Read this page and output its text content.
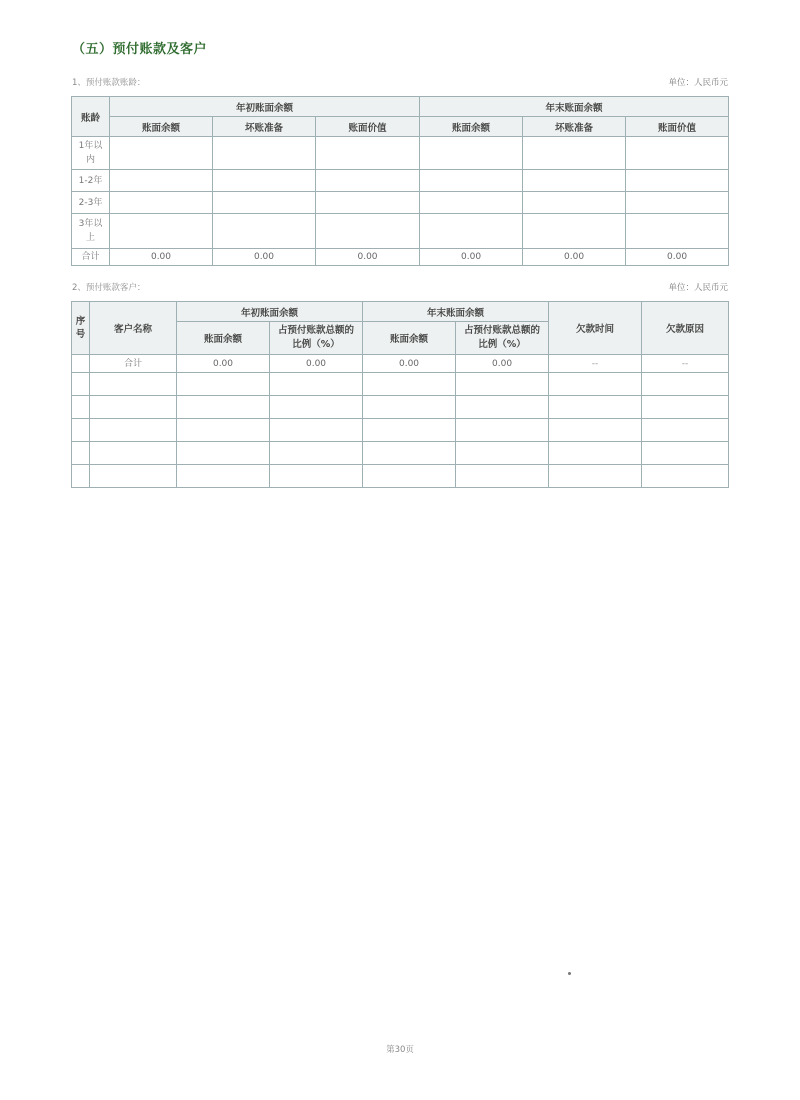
（五）预付账款及客户
1、预付账款账龄：	单位：人民币元
账龄	年初账面余额			年末账面余额		
	账面余额	坏账准备	账面价值	账面余额	坏账准备	账面价值
1年以内						
1-2年						
2-3年						
3年以上						
合计	0.00	0.00	0.00	0.00	0.00	0.00
2、预付账款客户：	单位：人民币元
序号	客户名称	年初账面余额		年末账面余额		欠款时间	欠款原因
		账面余额	占预付账款总额的比例（%）	账面余额	占预付账款总额的比例（%）		
	合计	0.00	0.00	0.00	0.00	--	--

第30页
